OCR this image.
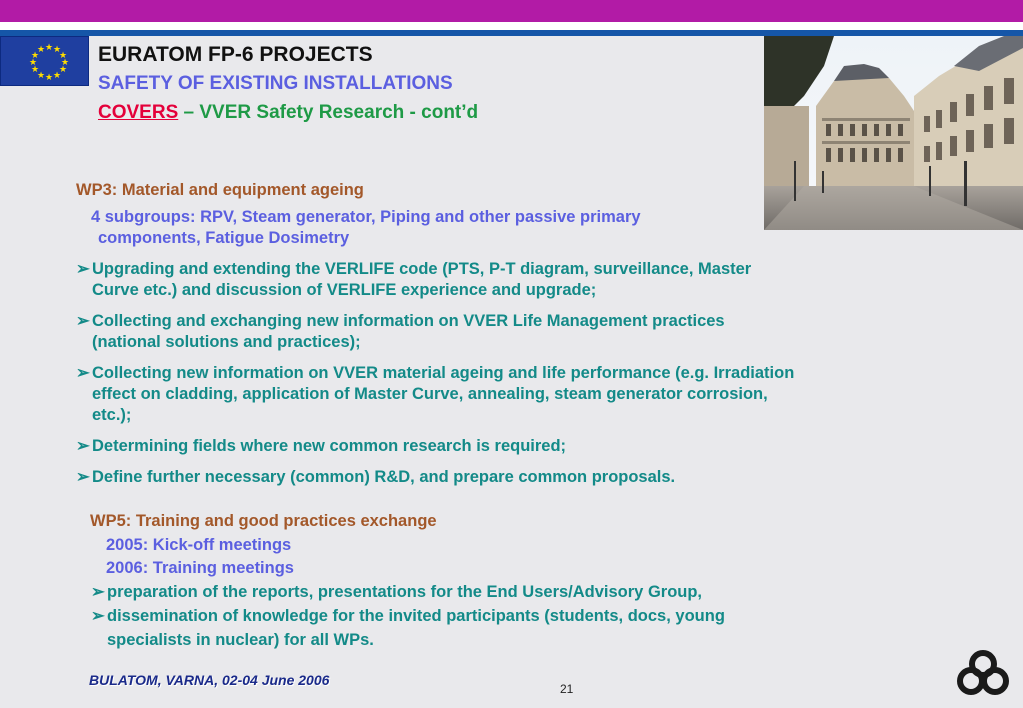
★ ★
★
★
★
★
★
★
★
★
★
★	EURATOM FP-6 PROJECTS
SAFETY OF EXISTING INSTALLATIONS
COVERS – VVER Safety Research - cont’d
WP3: Material and equipment ageing
4 subgroups: RPV, Steam generator, Piping and other passive primary
components, Fatigue Dosimetry
➢ Upgrading and extending the VERLIFE code (PTS, P-T diagram, surveillance, Master
Curve etc.) and discussion of VERLIFE experience and upgrade;
➢ Collecting and exchanging new information on VVER Life Management practices
(national solutions and practices);
➢ Collecting new information on VVER material ageing and life performance (e.g. Irradiation
effect on cladding, application of Master Curve, annealing, steam generator corrosion,
etc.);
➢ Determining fields where new common research is required;
➢ Define further necessary (common) R&D, and prepare common proposals.
WP5: Training and good practices exchange
2005: Kick-off meetings
2006: Training meetings
➢ preparation of the reports, presentations for the End Users/Advisory Group,
➢ dissemination of knowledge for the invited participants (students, docs, young
specialists in nuclear) for all WPs.
BULATOM, VARNA, 02-04 June 2006
21
